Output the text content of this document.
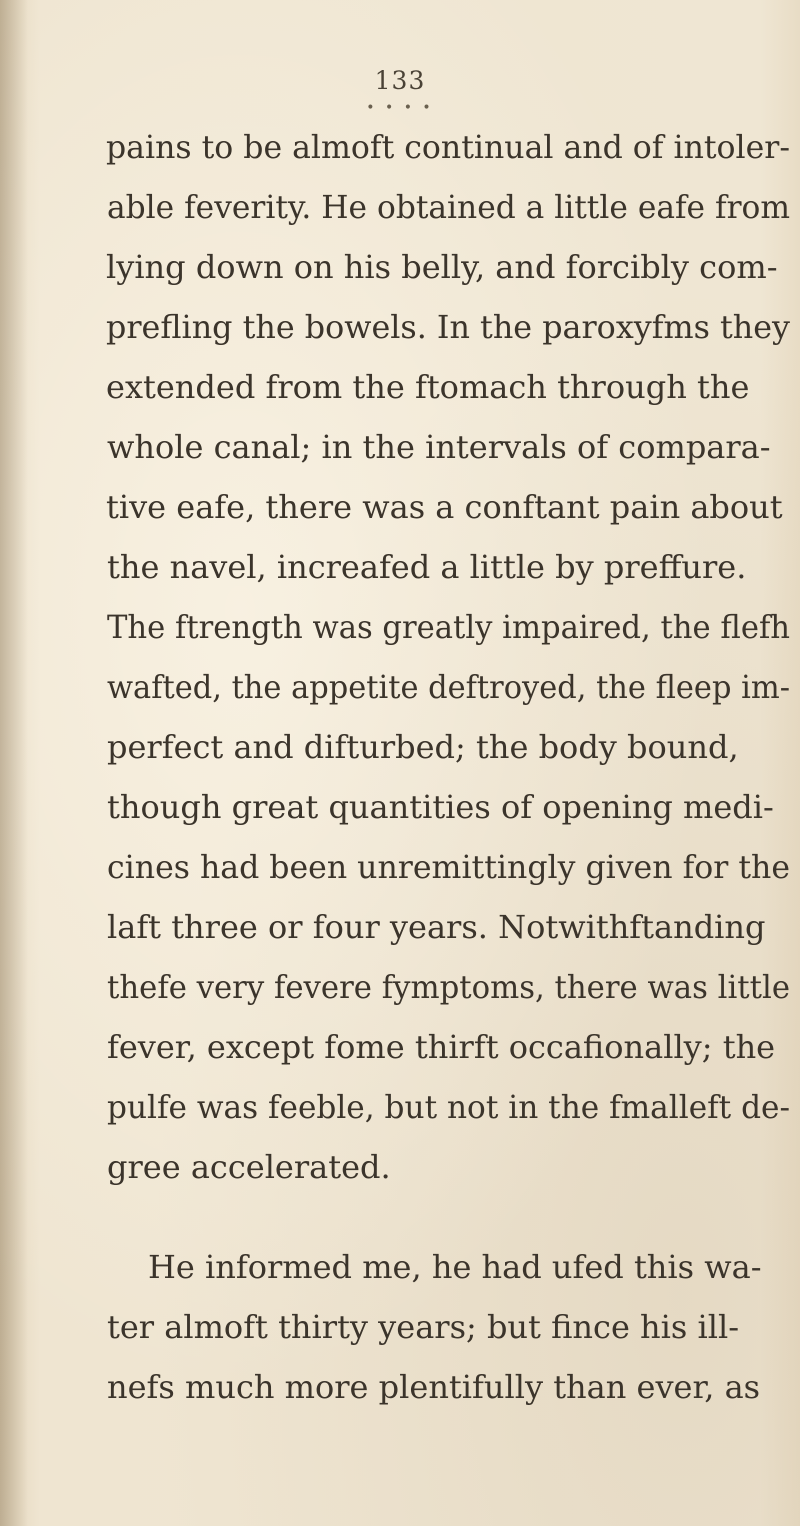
133
• • • •
pains to be almoft continual and of intoler-
able feverity. He obtained a little eafe from
lying down on his belly, and forcibly com-
prefling the bowels. In the paroxyfms they
extended from the ftomach through the
whole canal; in the intervals of compara-
tive eafe, there was a conftant pain about
the navel, increafed a little by preffure.
The ftrength was greatly impaired, the flefh
wafted, the appetite deftroyed, the fleep im-
perfect and difturbed; the body bound,
though great quantities of opening medi-
cines had been unremittingly given for the
laft three or four years. Notwithftanding
thefe very fevere fymptoms, there was little
fever, except fome thirft occafionally; the
pulfe was feeble, but not in the fmalleft de-
gree accelerated.
He informed me, he had ufed this wa-
ter almoft thirty years; but fince his ill-
nefs much more plentifully than ever, as
